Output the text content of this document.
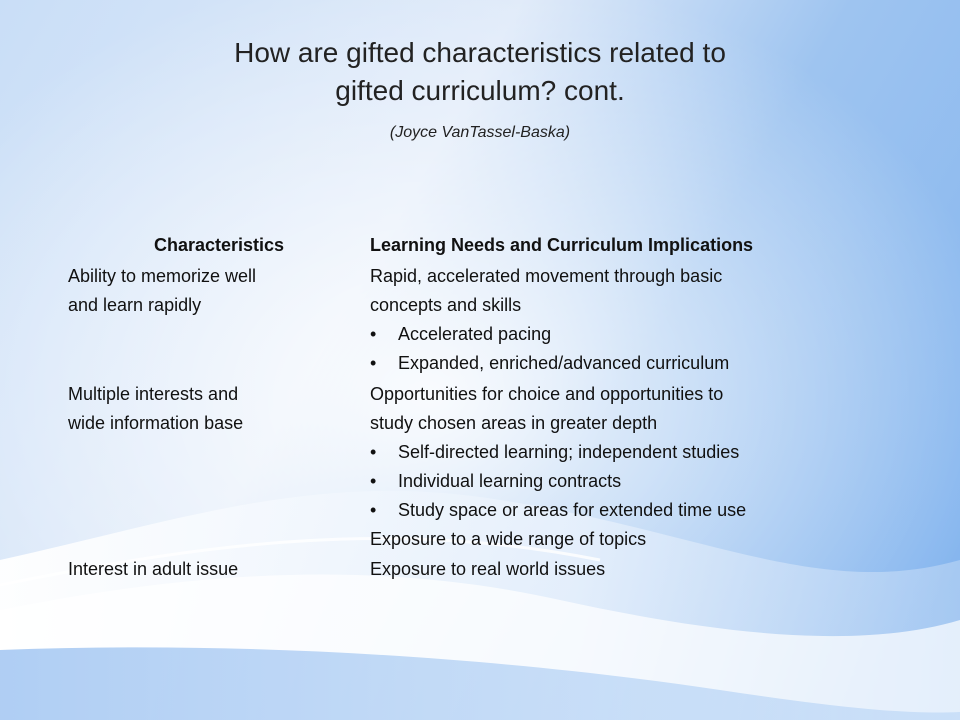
How are gifted characteristics related to
gifted curriculum? cont.
(Joyce VanTassel-Baska)
Characteristics	Learning Needs and Curriculum Implications
Ability to memorize well
and learn rapidly
Rapid, accelerated movement through basic
concepts and skills
• Accelerated pacing
• Expanded, enriched/advanced curriculum
Multiple interests and
wide information base
Opportunities for choice and opportunities to
study chosen areas in greater depth
• Self-directed learning; independent studies
• Individual learning contracts
• Study space or areas for extended time use
Exposure to a wide range of topics
Interest in adult issue	Exposure to real world issues
